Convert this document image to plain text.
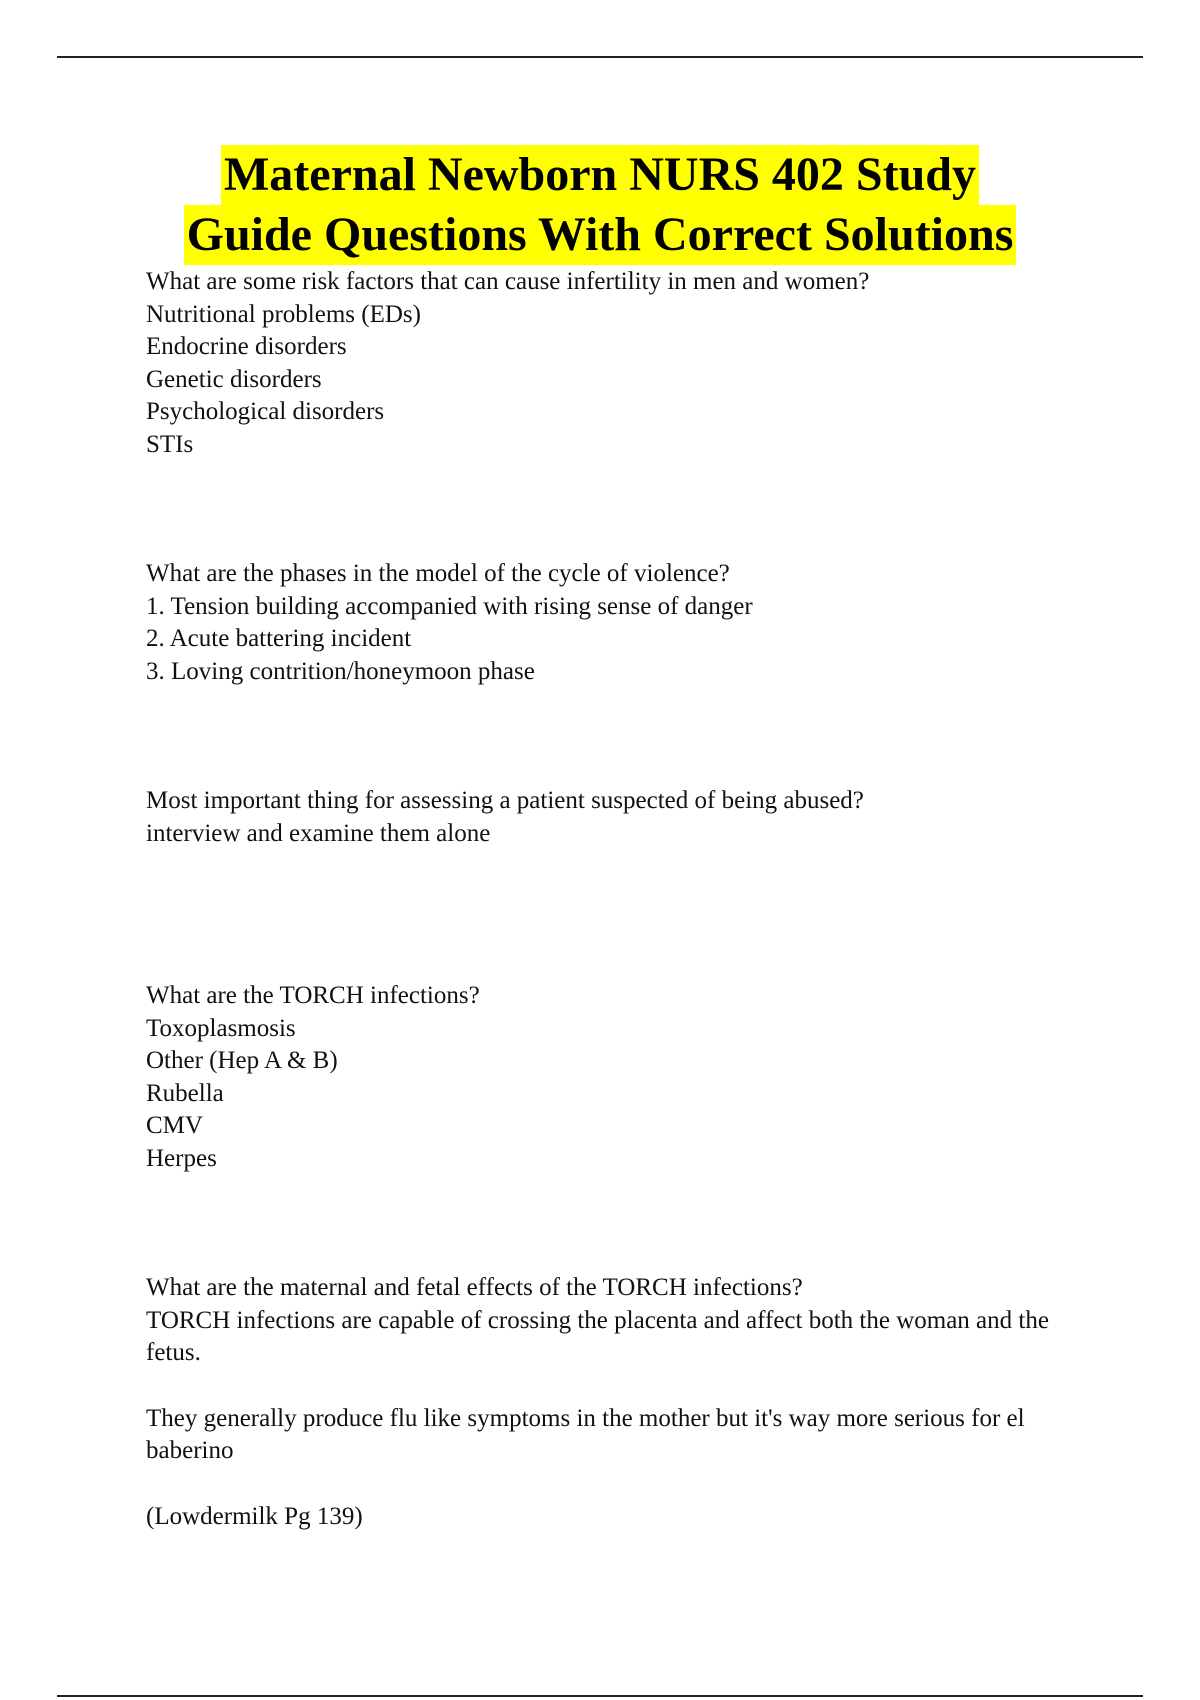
Maternal Newborn NURS 402 Study
Guide Questions With Correct Solutions
What are some risk factors that can cause infertility in men and women?
Nutritional problems (EDs)
Endocrine disorders
Genetic disorders
Psychological disorders
STIs
What are the phases in the model of the cycle of violence?
1. Tension building accompanied with rising sense of danger
2. Acute battering incident
3. Loving contrition/honeymoon phase
Most important thing for assessing a patient suspected of being abused?
interview and examine them alone
What are the TORCH infections?
Toxoplasmosis
Other (Hep A & B)
Rubella
CMV
Herpes
What are the maternal and fetal effects of the TORCH infections?
TORCH infections are capable of crossing the placenta and affect both the woman and the fetus.
They generally produce flu like symptoms in the mother but it's way more serious for el baberino
(Lowdermilk Pg 139)
